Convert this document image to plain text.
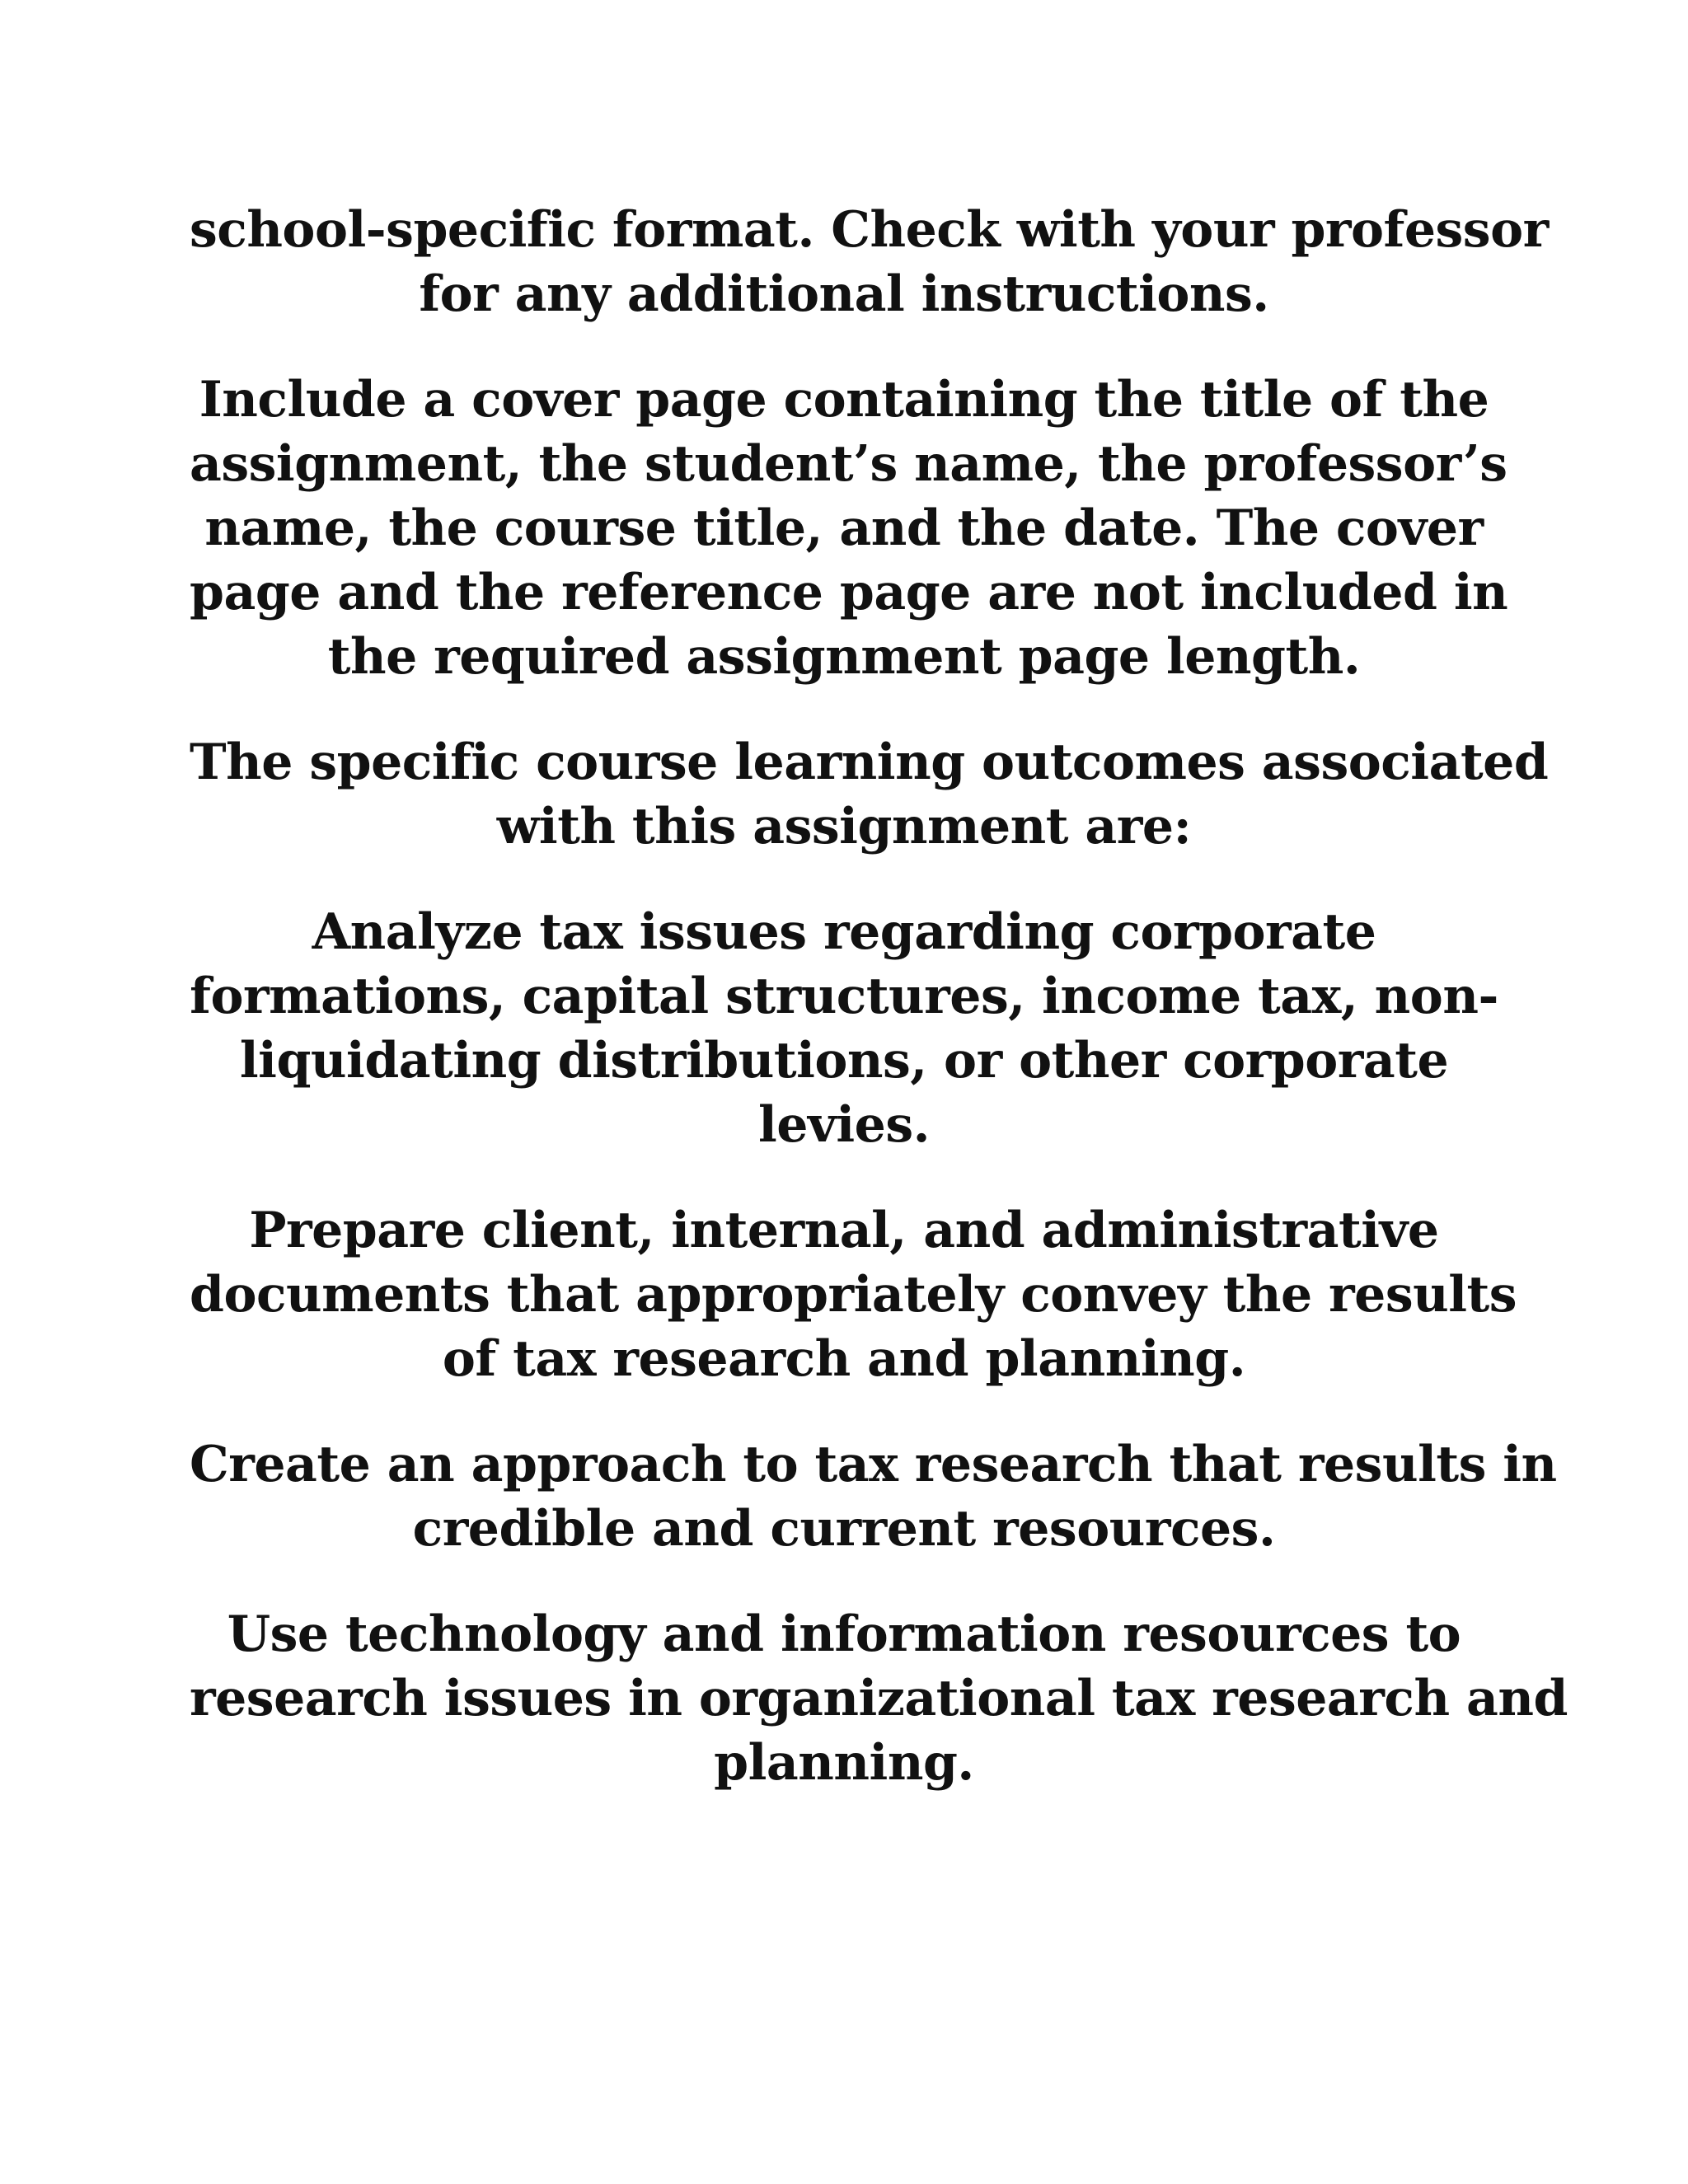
school-specific format. Check with your professor
for any additional instructions.

Include a cover page containing the title of the
assignment, the student’s name, the professor’s
name, the course title, and the date. The cover
page and the reference page are not included in
the required assignment page length.

The specific course learning outcomes associated
with this assignment are:

Analyze tax issues regarding corporate
formations, capital structures, income tax, non-
liquidating distributions, or other corporate
levies.

Prepare client, internal, and administrative
documents that appropriately convey the results
of tax research and planning.

Create an approach to tax research that results in
credible and current resources.

Use technology and information resources to
research issues in organizational tax research and
planning.
